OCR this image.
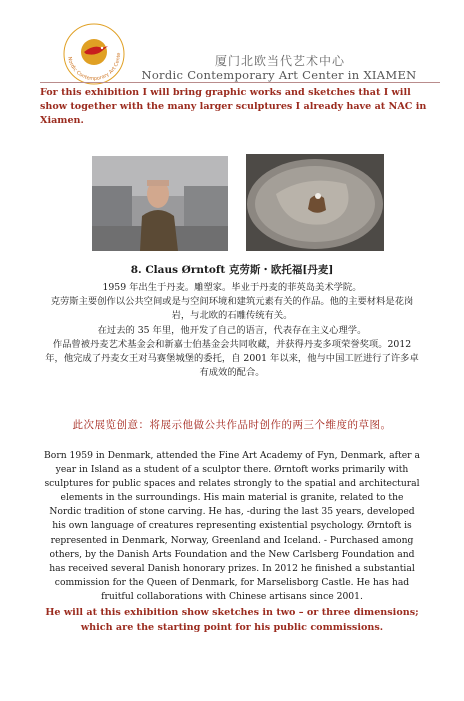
Nordic Contemporary Art Cente	厦门北欧当代艺术中心
Nordic Contemporary Art Center in XIAMEN
For this exhibition I will bring graphic works and sketches that I will show together with the many larger sculptures I already have at NAC in Xiamen.
8. Claus Ørntoft 克劳斯・欧托福[丹麦]

1959 年出生于丹麦。雕塑家。毕业于丹麦的菲英岛美术学院。

克劳斯主要创作以公共空间或是与空间环境和建筑元素有关的作品。他的主要材料是花岗岩，与北欧的石雕传统有关。

在过去的 35 年里，他开发了自己的语言，代表存在主义心理学。

作品曾被丹麦艺术基金会和新嘉士伯基金会共同收藏，并获得丹麦多项荣誉奖项。2012 年，他完成了丹麦女王对马赛堡城堡的委托，自 2001 年以来，他与中国工匠进行了许多卓有成效的配合。

此次展览创意：将展示他做公共作品时创作的两三个维度的草图。
Born 1959 in Denmark, attended the Fine Art Academy of Fyn, Denmark, after a year in Island as a student of a sculptor there. Ørntoft works primarily with sculptures for public spaces and relates strongly to the spatial and architectural elements in the surroundings. His main material is granite, related to the Nordic tradition of stone carving. He has, -during the last 35 years, developed his own language of creatures representing existential psychology. Ørntoft is represented in Denmark, Norway, Greenland and Iceland. - Purchased among others, by the Danish Arts Foundation and the New Carlsberg Foundation and has received several Danish honorary prizes. In 2012 he finished a substantial commission for the Queen of Denmark, for Marselisborg Castle. He has had fruitful collaborations with Chinese artisans since 2001.

He will at this exhibition show sketches in two – or three dimensions;

which are the starting point for his public commissions.
